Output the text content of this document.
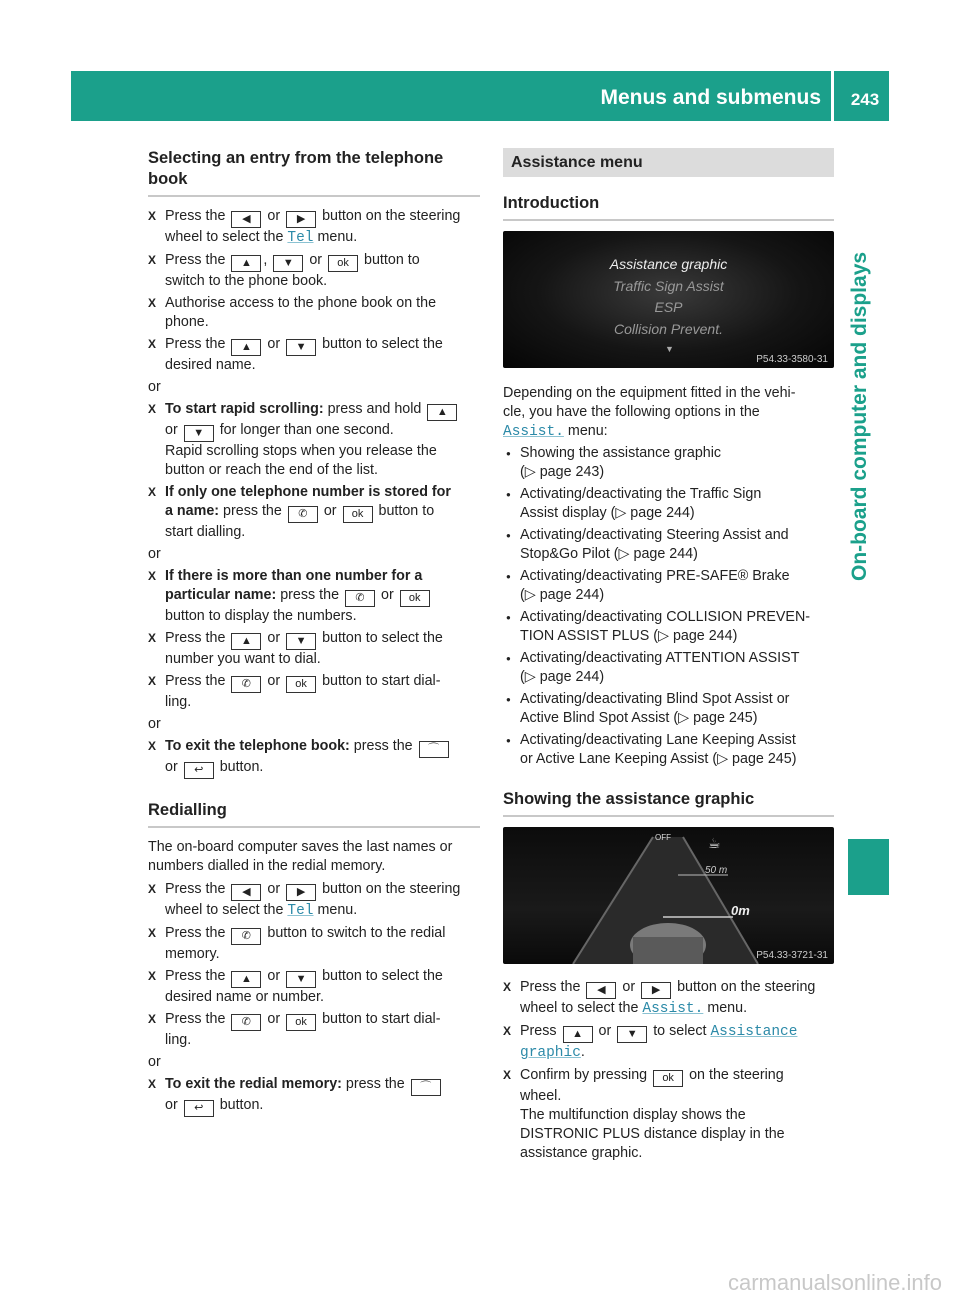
Menus and submenus	243
On-board computer and displays
Selecting an entry from the telephone
book
X Press the ◀ or ▶ button on the steering
wheel to select the Tel menu.
X Press the ▲ , ▼ or ok button to
switch to the phone book.
X Authorise access to the phone book on the
phone.
X Press the ▲ or ▼ button to select the
desired name.
or
X To start rapid scrolling: press and hold ▲
or ▼ for longer than one second.
Rapid scrolling stops when you release the
button or reach the end of the list.
X If only one telephone number is stored for
a name: press the ✆ or ok button to
start dialling.
or
X If there is more than one number for a
particular name: press the ✆ or ok
button to display the numbers.
X Press the ▲ or ▼ button to select the
number you want to dial.
X Press the ✆ or ok button to start dial-
ling.
or
X To exit the telephone book: press the ⌒
or ↩ button.
Redialling

The on-board computer saves the last names or
numbers dialled in the redial memory.

X Press the ◀ or ▶ button on the steering
wheel to select the Tel menu.
X Press the ✆ button to switch to the redial
memory.
X Press the ▲ or ▼ button to select the
desired name or number.
X Press the ✆ or ok button to start dial-
ling.
or
X To exit the redial memory: press the ⌒
or ↩ button.
Assistance menu
Introduction
Assistance graphic
Traffic Sign Assist
ESP
Collision Prevent.
▼
P54.33-3580-31

Depending on the equipment fitted in the vehi-
cle, you have the following options in the
Assist. menu:

● Showing the assistance graphic
(▷ page 243)
● Activating/deactivating the Traffic Sign
Assist display (▷ page 244)
● Activating/deactivating Steering Assist and
Stop&Go Pilot (▷ page 244)
● Activating/deactivating PRE-SAFE® Brake
(▷ page 244)
● Activating/deactivating COLLISION PREVEN-
TION ASSIST PLUS (▷ page 244)
● Activating/deactivating ATTENTION ASSIST
(▷ page 244)
● Activating/deactivating Blind Spot Assist or
Active Blind Spot Assist (▷ page 245)
● Activating/deactivating Lane Keeping Assist
or Active Lane Keeping Assist (▷ page 245)
Showing the assistance graphic
OFF	☕
50 m
0m
P54.33-3721-31
X Press the ◀ or ▶ button on the steering
wheel to select the Assist. menu.
X Press ▲ or ▼ to select Assistance
graphic.
X Confirm by pressing ok on the steering
wheel.
The multifunction display shows the
DISTRONIC PLUS distance display in the
assistance graphic.
carmanualsonline.info
